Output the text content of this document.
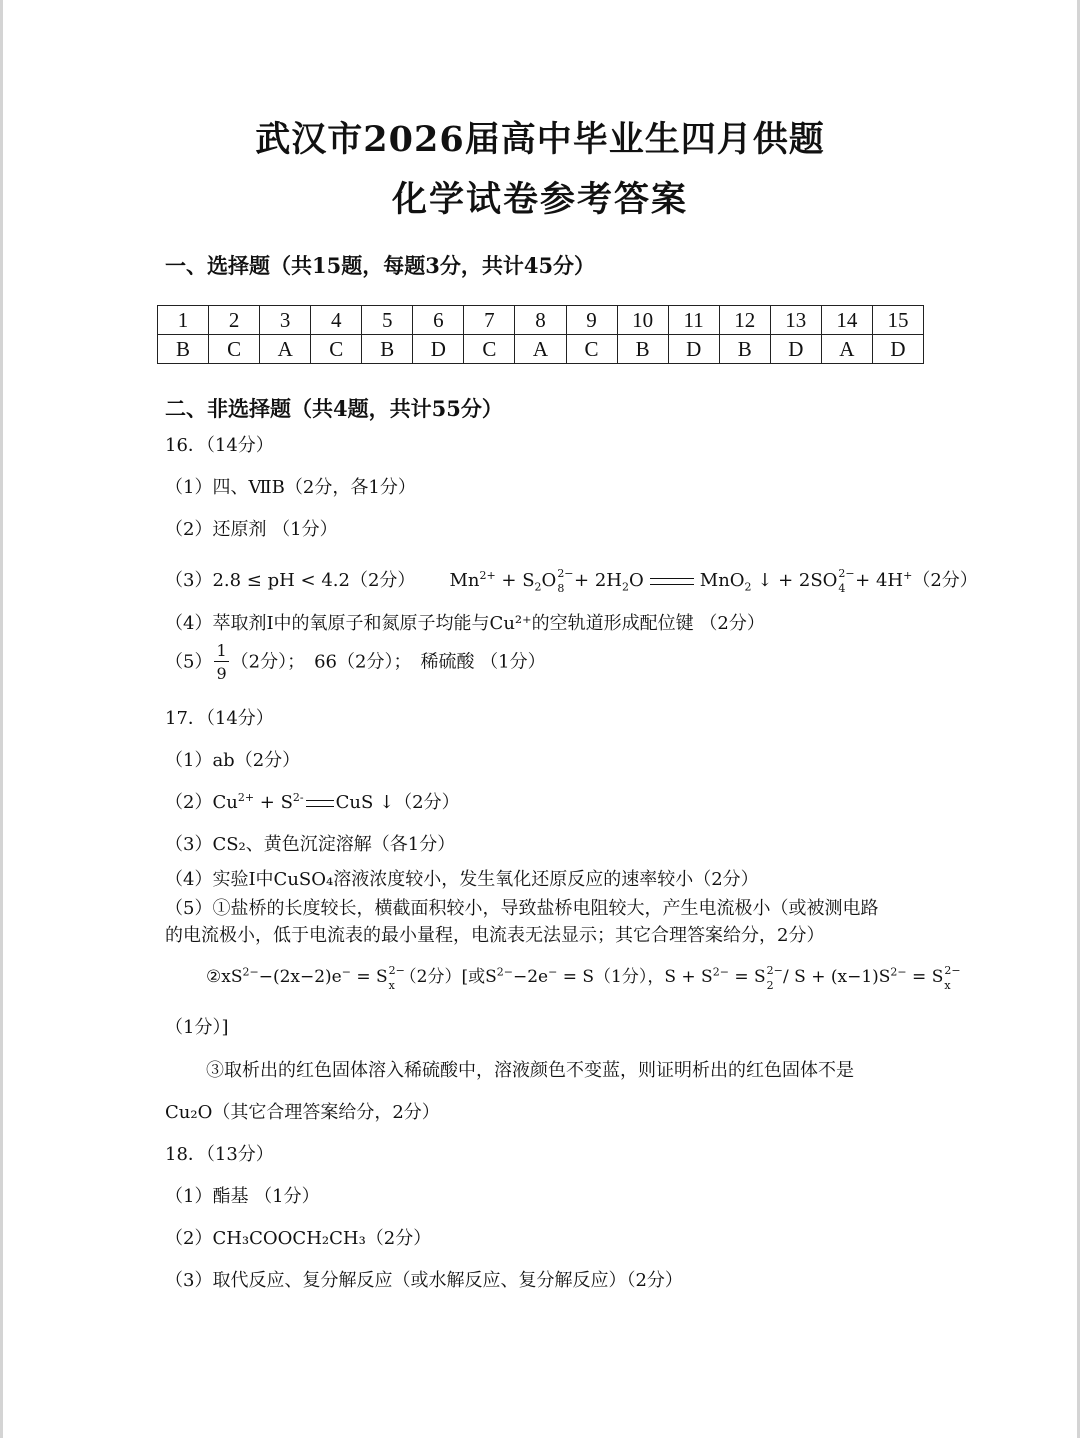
武汉市2026届高中毕业生四月供题
化学试卷参考答案
一、选择题（共15题，每题3分，共计45分）
1	2	3	4	5	6	7	8	9	10	11	12	13	14	15
B	C	A	C	B	D	C	A	C	B	D	B	D	A	D
二、非选择题（共4题，共计55分）
16．（14分）
（1）四、ⅦB（2分，各1分）
（2）还原剂 （1分）
（3）2.8 ≤ pH < 4.2（2分） $Mn^{2+} + S_2O$ 2−
$8 + 2H_2O$	MnO$_2$ ↓ + 2SO 2−
4 + 4H+（2分）
（4）萃取剂Ⅰ中的氧原子和氮原子均能与Cu²⁺的空轨道形成配位键 （2分）
$(5) \frac{1}{9} (2$分）；　66（2分）；　稀硫酸 （1分）
17．（14分）
（1）ab（2分）
$(2)Cu^{2+} + S^{2-}$ CuS ↓（2分）
（3）CS₂、黄色沉淀溶解（各1分）
（4）实验Ⅰ中CuSO₄溶液浓度较小，发生氧化还原反应的速率较小（2分）
（5）①盐桥的长度较长，横截面积较小，导致盐桥电阻较大，产生电流极小（或被测电路
的电流极小，低于电流表的最小量程，电流表无法显示；其它合理答案给分，2分）
$②xS^{2-}-(2x-2)e^- = S$ 2−
x （2分）[或$S^{2-}-2e^- = S(1$分），$S + S^{2-} = S$ 2−
$2 / S + (x-1)S^{2-} = S$ 2−
x
（1分）]
③取析出的红色固体溶入稀硫酸中，溶液颜色不变蓝，则证明析出的红色固体不是
Cu₂O（其它合理答案给分，2分）
18．（13分）
（1）酯基 （1分）
（2）CH₃COOCH₂CH₃（2分）
（3）取代反应、复分解反应（或水解反应、复分解反应）（2分）
